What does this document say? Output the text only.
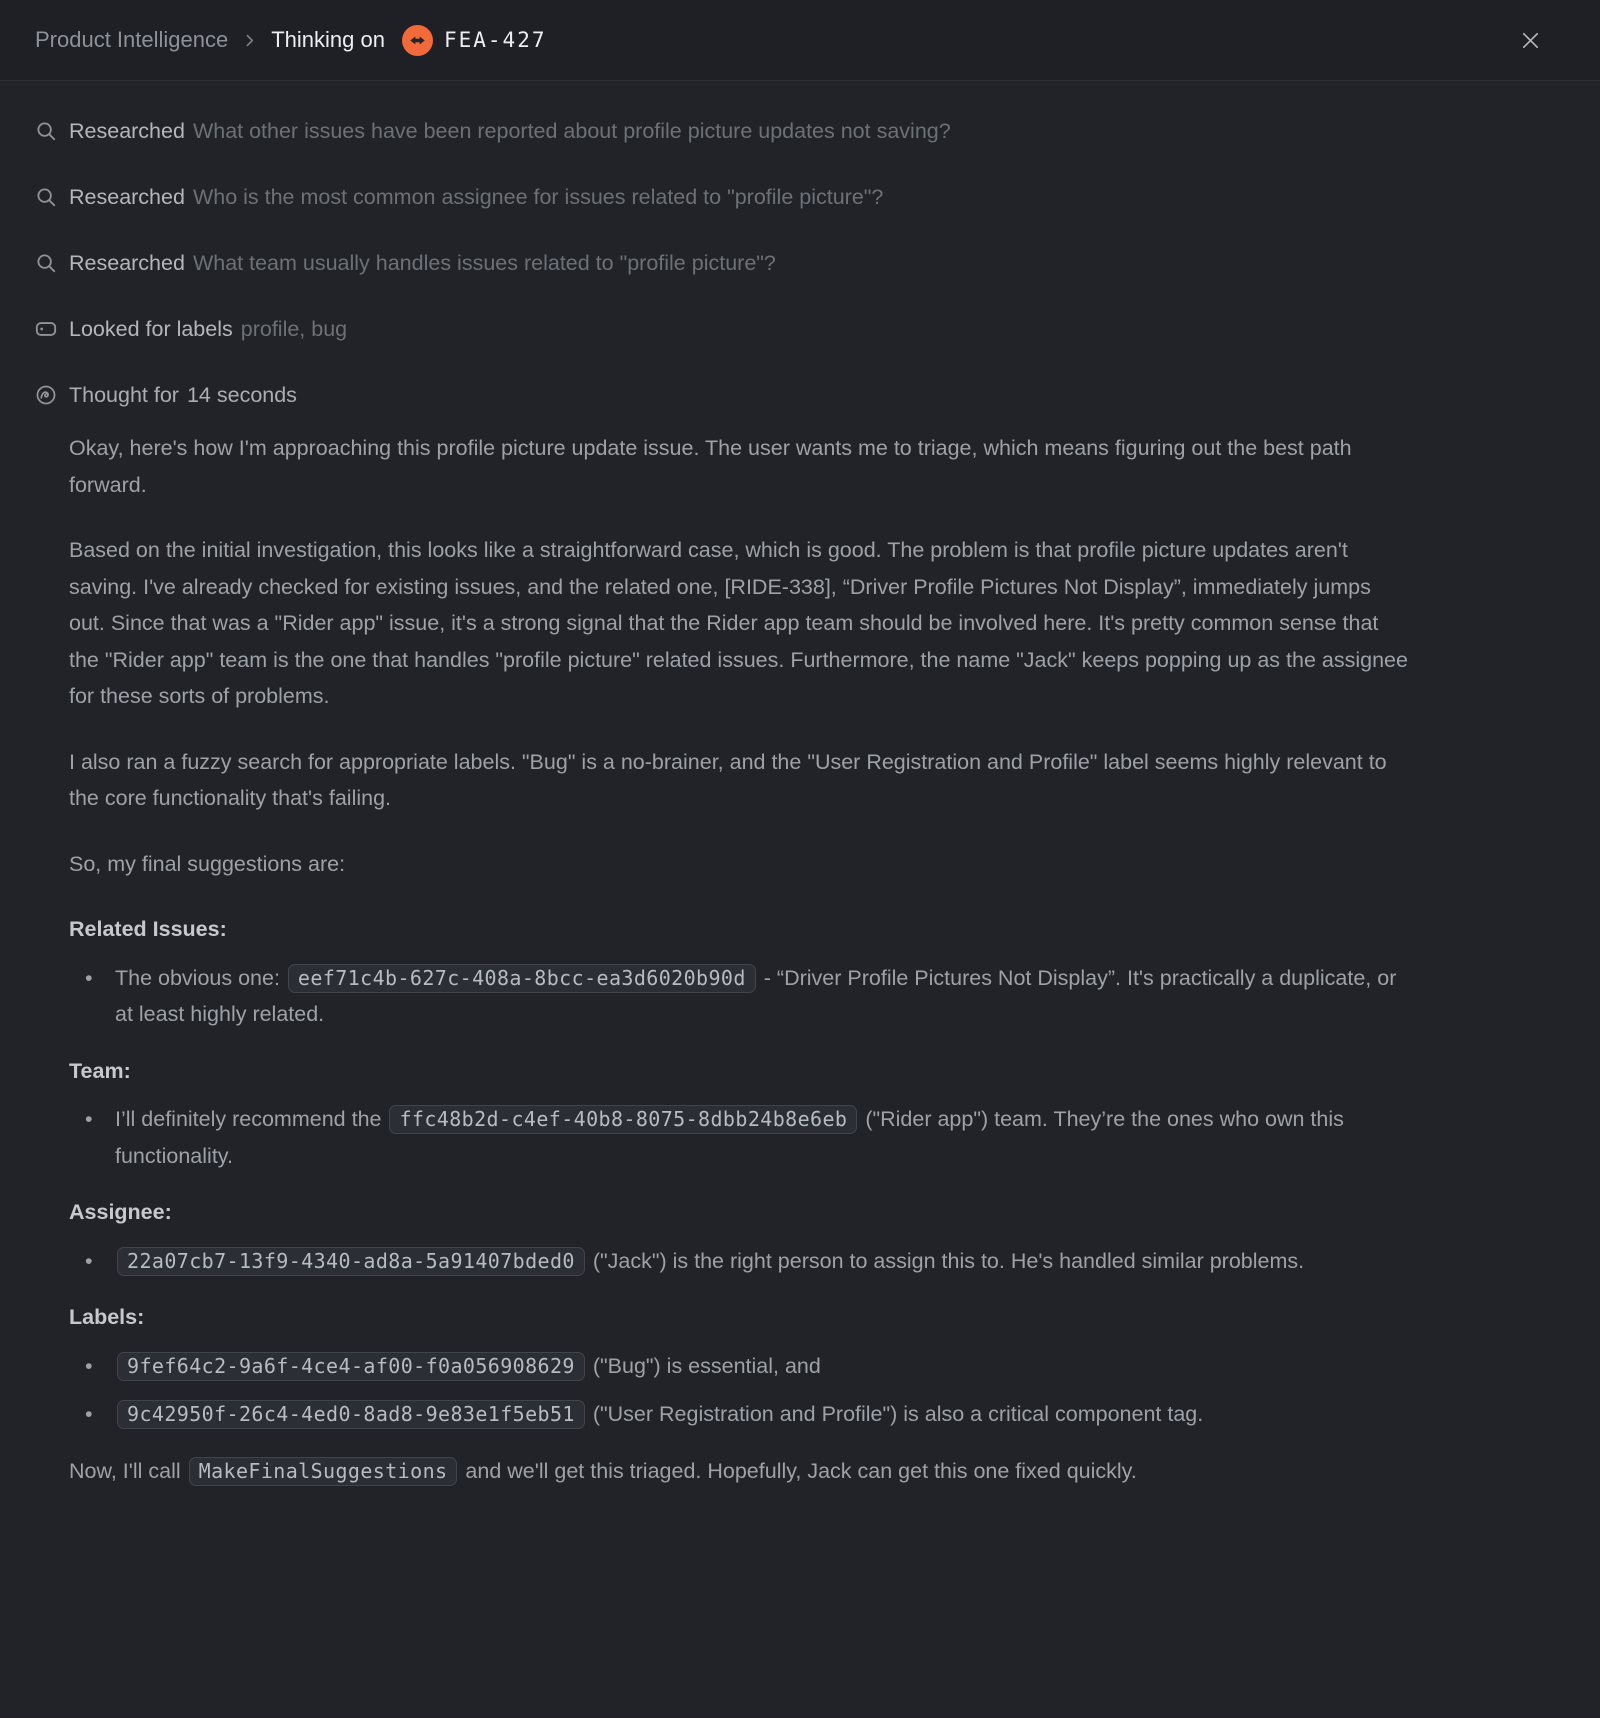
Product Intelligence Thinking on	FEA-427

Researched What other issues have been reported about profile picture updates not saving?

Researched Who is the most common assignee for issues related to "profile picture"?

Researched What team usually handles issues related to "profile picture"?

Looked for labels profile, bug

Thought for 14 seconds

Okay, here's how I'm approaching this profile picture update issue. The user wants me to triage, which means figuring out the best path forward.

Based on the initial investigation, this looks like a straightforward case, which is good. The problem is that profile picture updates aren't saving. I've already checked for existing issues, and the related one, [RIDE-338], “Driver Profile Pictures Not Display”, immediately jumps out. Since that was a "Rider app" issue, it's a strong signal that the Rider app team should be involved here. It's pretty common sense that the "Rider app" team is the one that handles "profile picture" related issues. Furthermore, the name "Jack" keeps popping up as the assignee for these sorts of problems.

I also ran a fuzzy search for appropriate labels. "Bug" is a no-brainer, and the "User Registration and Profile" label seems highly relevant to the core functionality that's failing.

So, my final suggestions are:

Related Issues:
• The obvious one: eef71c4b-627c-408a-8bcc-ea3d6020b90d - “Driver Profile Pictures Not Display”. It's practically a duplicate, or at least highly related.
Team:
• I’ll definitely recommend the ffc48b2d-c4ef-40b8-8075-8dbb24b8e6eb ("Rider app") team. They’re the ones who own this functionality.
Assignee:
• 22a07cb7-13f9-4340-ad8a-5a91407bded0 ("Jack") is the right person to assign this to. He's handled similar problems.
Labels:
• 9fef64c2-9a6f-4ce4-af00-f0a056908629 ("Bug") is essential, and
• 9c42950f-26c4-4ed0-8ad8-9e83e1f5eb51 ("User Registration and Profile") is also a critical component tag.

Now, I'll call MakeFinalSuggestions and we'll get this triaged. Hopefully, Jack can get this one fixed quickly.
